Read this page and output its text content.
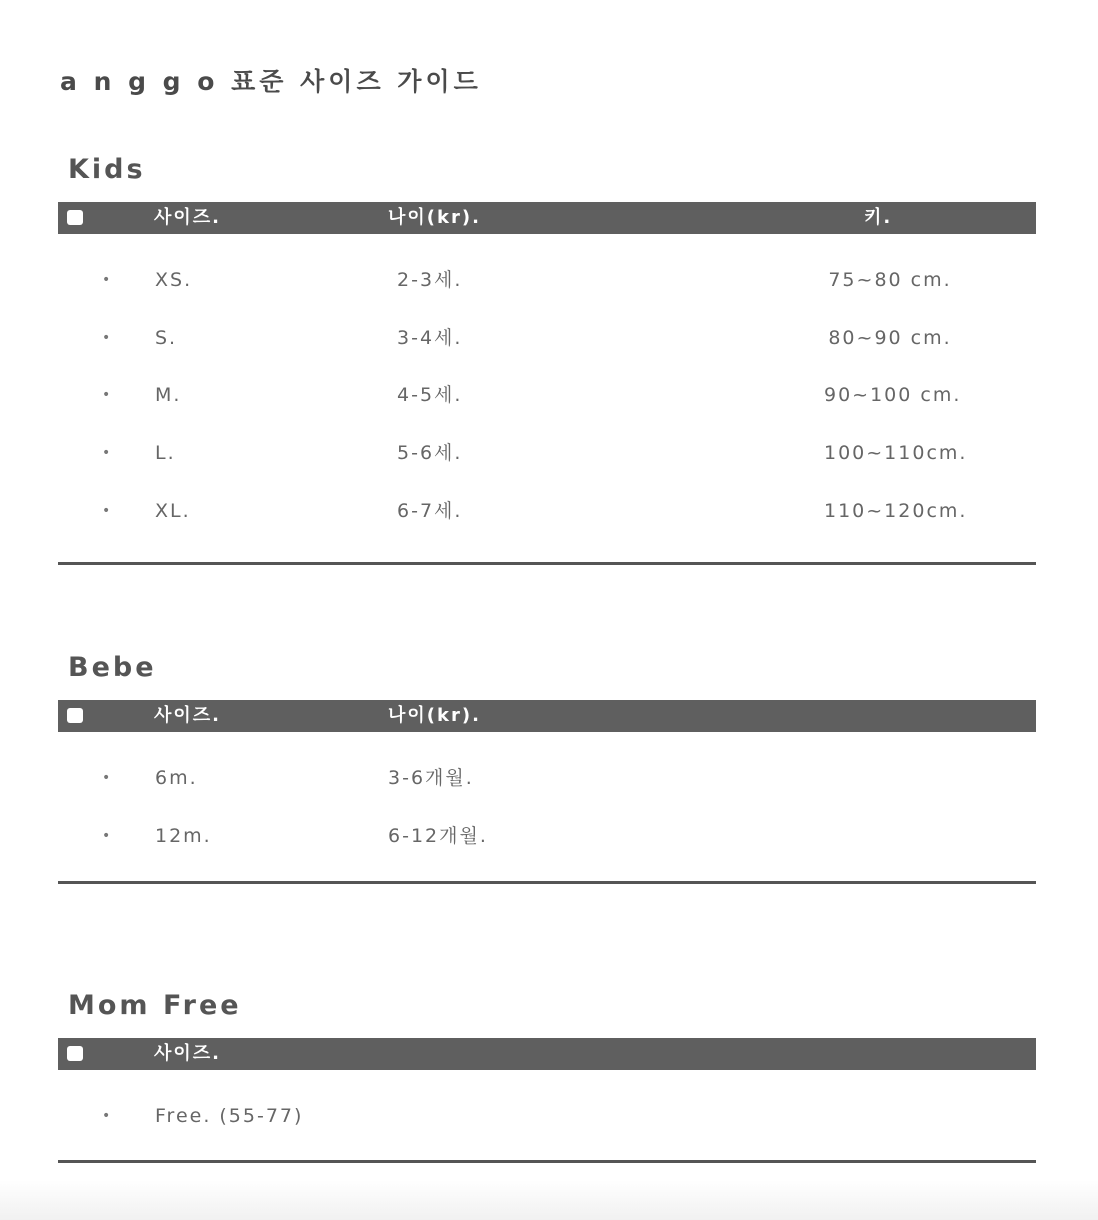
a n g g o 표준 사이즈 가이드
Kids
사이즈.	나이(kr).	키.
• XS.	2-3세.	75~80 cm.
• S.	3-4세.	80~90 cm.
• M.	4-5세.	90~100 cm.
• L.	5-6세.	100~110cm.
• XL.	6-7세.	110~120cm.
Bebe
사이즈.	나이(kr).
• 6m.	3-6개월.
• 12m.	6-12개월.
Mom Free
사이즈.
• Free. (55-77)
